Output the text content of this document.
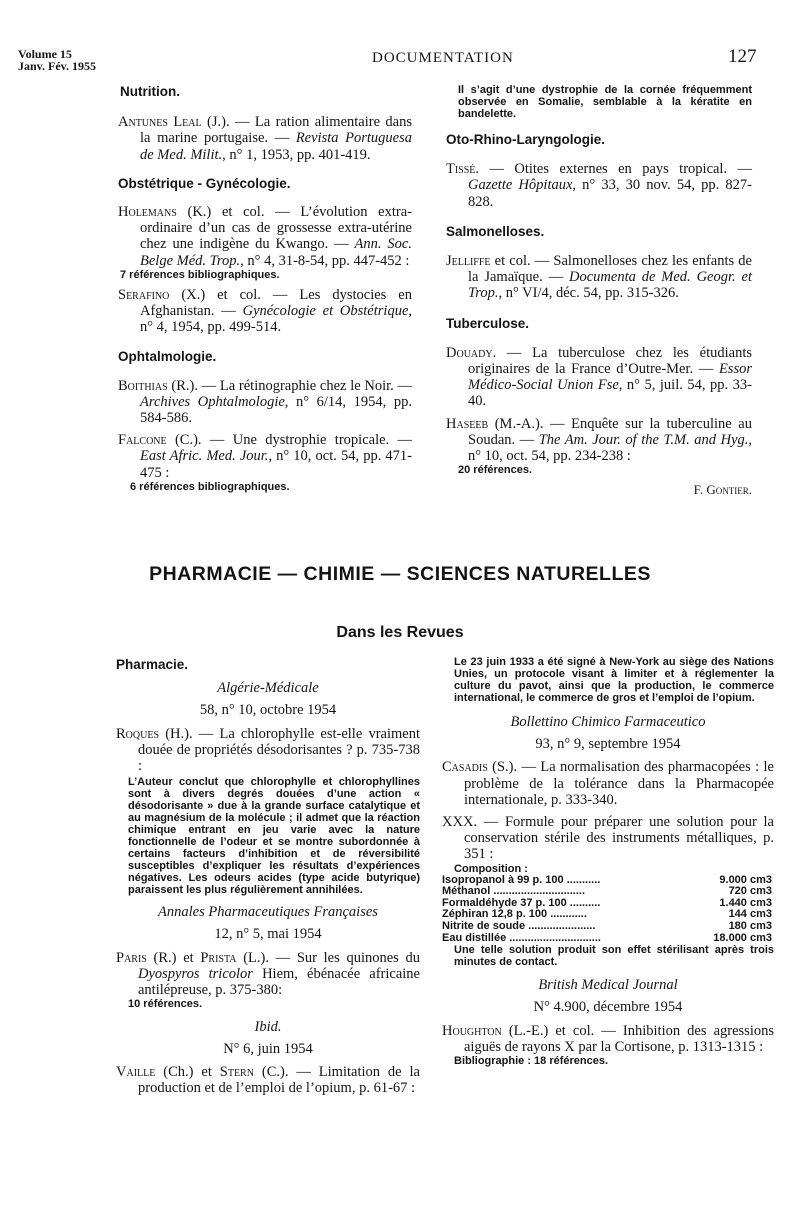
Volume 15
Janv. Fév. 1955	DOCUMENTATION	127

Nutrition.

Antunes Leal (J.). — La ration alimentaire dans la marine portugaise. — Revista Portuguesa de Med. Milit., n° 1, 1953, pp. 401-419.

Obstétrique - Gynécologie.

Holemans (K.) et col. — L’évolution extra-ordinaire d’un cas de grossesse extra-utérine chez une indigène du Kwango. — Ann. Soc. Belge Méd. Trop., n° 4, 31-8-54, pp. 447-452 :

7 références bibliographiques.

Serafino (X.) et col. — Les dystocies en Afghanistan. — Gynécologie et Obstétrique, n° 4, 1954, pp. 499-514.

Ophtalmologie.

Boithias (R.). — La rétinographie chez le Noir. — Archives Ophtalmologie, n° 6/14, 1954, pp. 584-586.

Falcone (C.). — Une dystrophie tropicale. — East Afric. Med. Jour., n° 10, oct. 54, pp. 471-475 :

6 références bibliographiques.

Il s’agit d’une dystrophie de la cornée fréquemment observée en Somalie, semblable à la kératite en bandelette.

Oto-Rhino-Laryngologie.

Tissé. — Otites externes en pays tropical. — Gazette Hôpitaux, n° 33, 30 nov. 54, pp. 827-828.

Salmonelloses.

Jelliffe et col. — Salmonelloses chez les enfants de la Jamaïque. — Documenta de Med. Geogr. et Trop., n° VI/4, déc. 54, pp. 315-326.

Tuberculose.

Douady. — La tuberculose chez les étudiants originaires de la France d’Outre-Mer. — Essor Médico-Social Union Fse, n° 5, juil. 54, pp. 33-40.

Haseeb (M.-A.). — Enquête sur la tuberculine au Soudan. — The Am. Jour. of the T.M. and Hyg., n° 10, oct. 54, pp. 234-238 :

20 références.

F. Gontier.

PHARMACIE — CHIMIE — SCIENCES NATURELLES
Dans les Revues

Pharmacie.

Algérie-Médicale

58, n° 10, octobre 1954

Roques (H.). — La chlorophylle est-elle vraiment douée de propriétés désodorisantes ? p. 735-738 :

L’Auteur conclut que chlorophylle et chlorophyllines sont à divers degrés douées d’une action « désodorisante » due à la grande surface catalytique et au magnésium de la molécule ; il admet que la réaction chimique entrant en jeu varie avec la nature fonctionnelle de l’odeur et se montre subordonnée à certains facteurs d’inhibition et de réversibilité susceptibles d’expliquer les résultats d’expériences négatives. Les odeurs acides (type acide butyrique) paraissent les plus régulièrement annihilées.

Annales Pharmaceutiques Françaises

12, n° 5, mai 1954

Paris (R.) et Prista (L.). — Sur les quinones du Dyospyros tricolor Hiem, ébénacée africaine antilépreuse, p. 375-380:

10 références.

Ibid.

N° 6, juin 1954

Vaille (Ch.) et Stern (C.). — Limitation de la production et de l’emploi de l’opium, p. 61-67 :

Le 23 juin 1933 a été signé à New-York au siège des Nations Unies, un protocole visant à limiter et à réglementer la culture du pavot, ainsi que la production, le commerce international, le commerce de gros et l’emploi de l’opium.

Bollettino Chimico Farmaceutico

93, n° 9, septembre 1954

Casadis (S.). — La normalisation des pharmacopées : le problème de la tolérance dans la Pharmacopée internationale, p. 333-340.

XXX. — Formule pour préparer une solution pour la conservation stérile des instruments métalliques, p. 351 :

Composition :

Isopropanol à 99 p. 100 ...........	9.000 cm3
Méthanol ..............................	720 cm3
Formaldéhyde 37 p. 100 ..........	1.440 cm3
Zéphiran 12,8 p. 100 ............	144 cm3
Nitrite de soude ......................	180 cm3
Eau distillée ..............................	18.000 cm3

Une telle solution produit son effet stérilisant après trois minutes de contact.

British Medical Journal

N° 4.900, décembre 1954

Houghton (L.-E.) et col. — Inhibition des agressions aiguës de rayons X par la Cortisone, p. 1313-1315 :

Bibliographie : 18 références.
